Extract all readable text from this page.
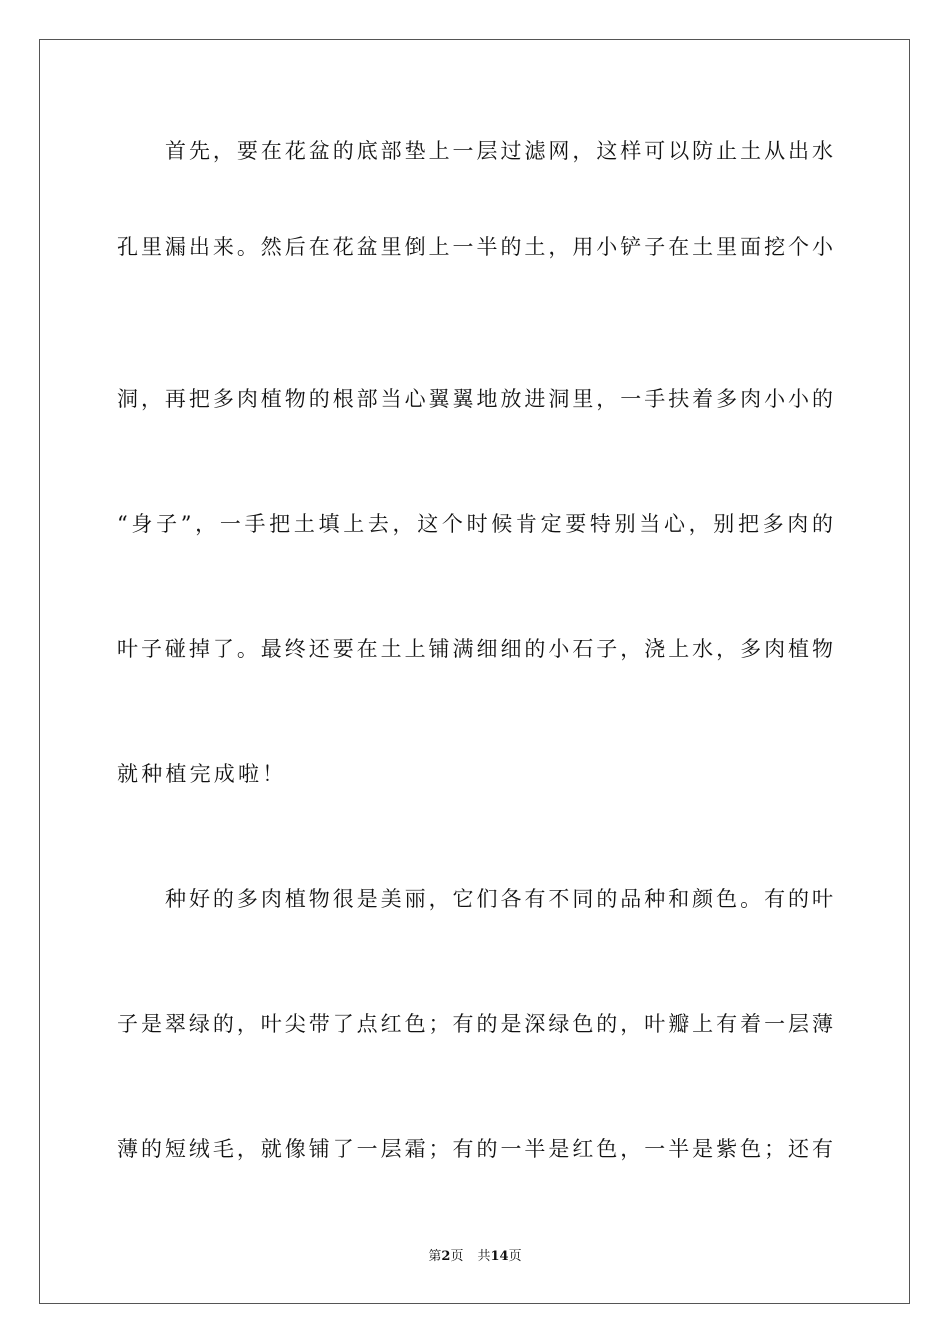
首先，要在花盆的底部垫上一层过滤网，这样可以防止土从出水
孔里漏出来。然后在花盆里倒上一半的土，用小铲子在土里面挖个小
洞，再把多肉植物的根部当心翼翼地放进洞里，一手扶着多肉小小的
“身子”，一手把土填上去，这个时候肯定要特别当心，别把多肉的
叶子碰掉了。最终还要在土上铺满细细的小石子，浇上水，多肉植物
就种植完成啦！
种好的多肉植物很是美丽，它们各有不同的品种和颜色。有的叶
子是翠绿的，叶尖带了点红色；有的是深绿色的，叶瓣上有着一层薄
薄的短绒毛，就像铺了一层霜；有的一半是红色，一半是紫色；还有
第2页 共14页
